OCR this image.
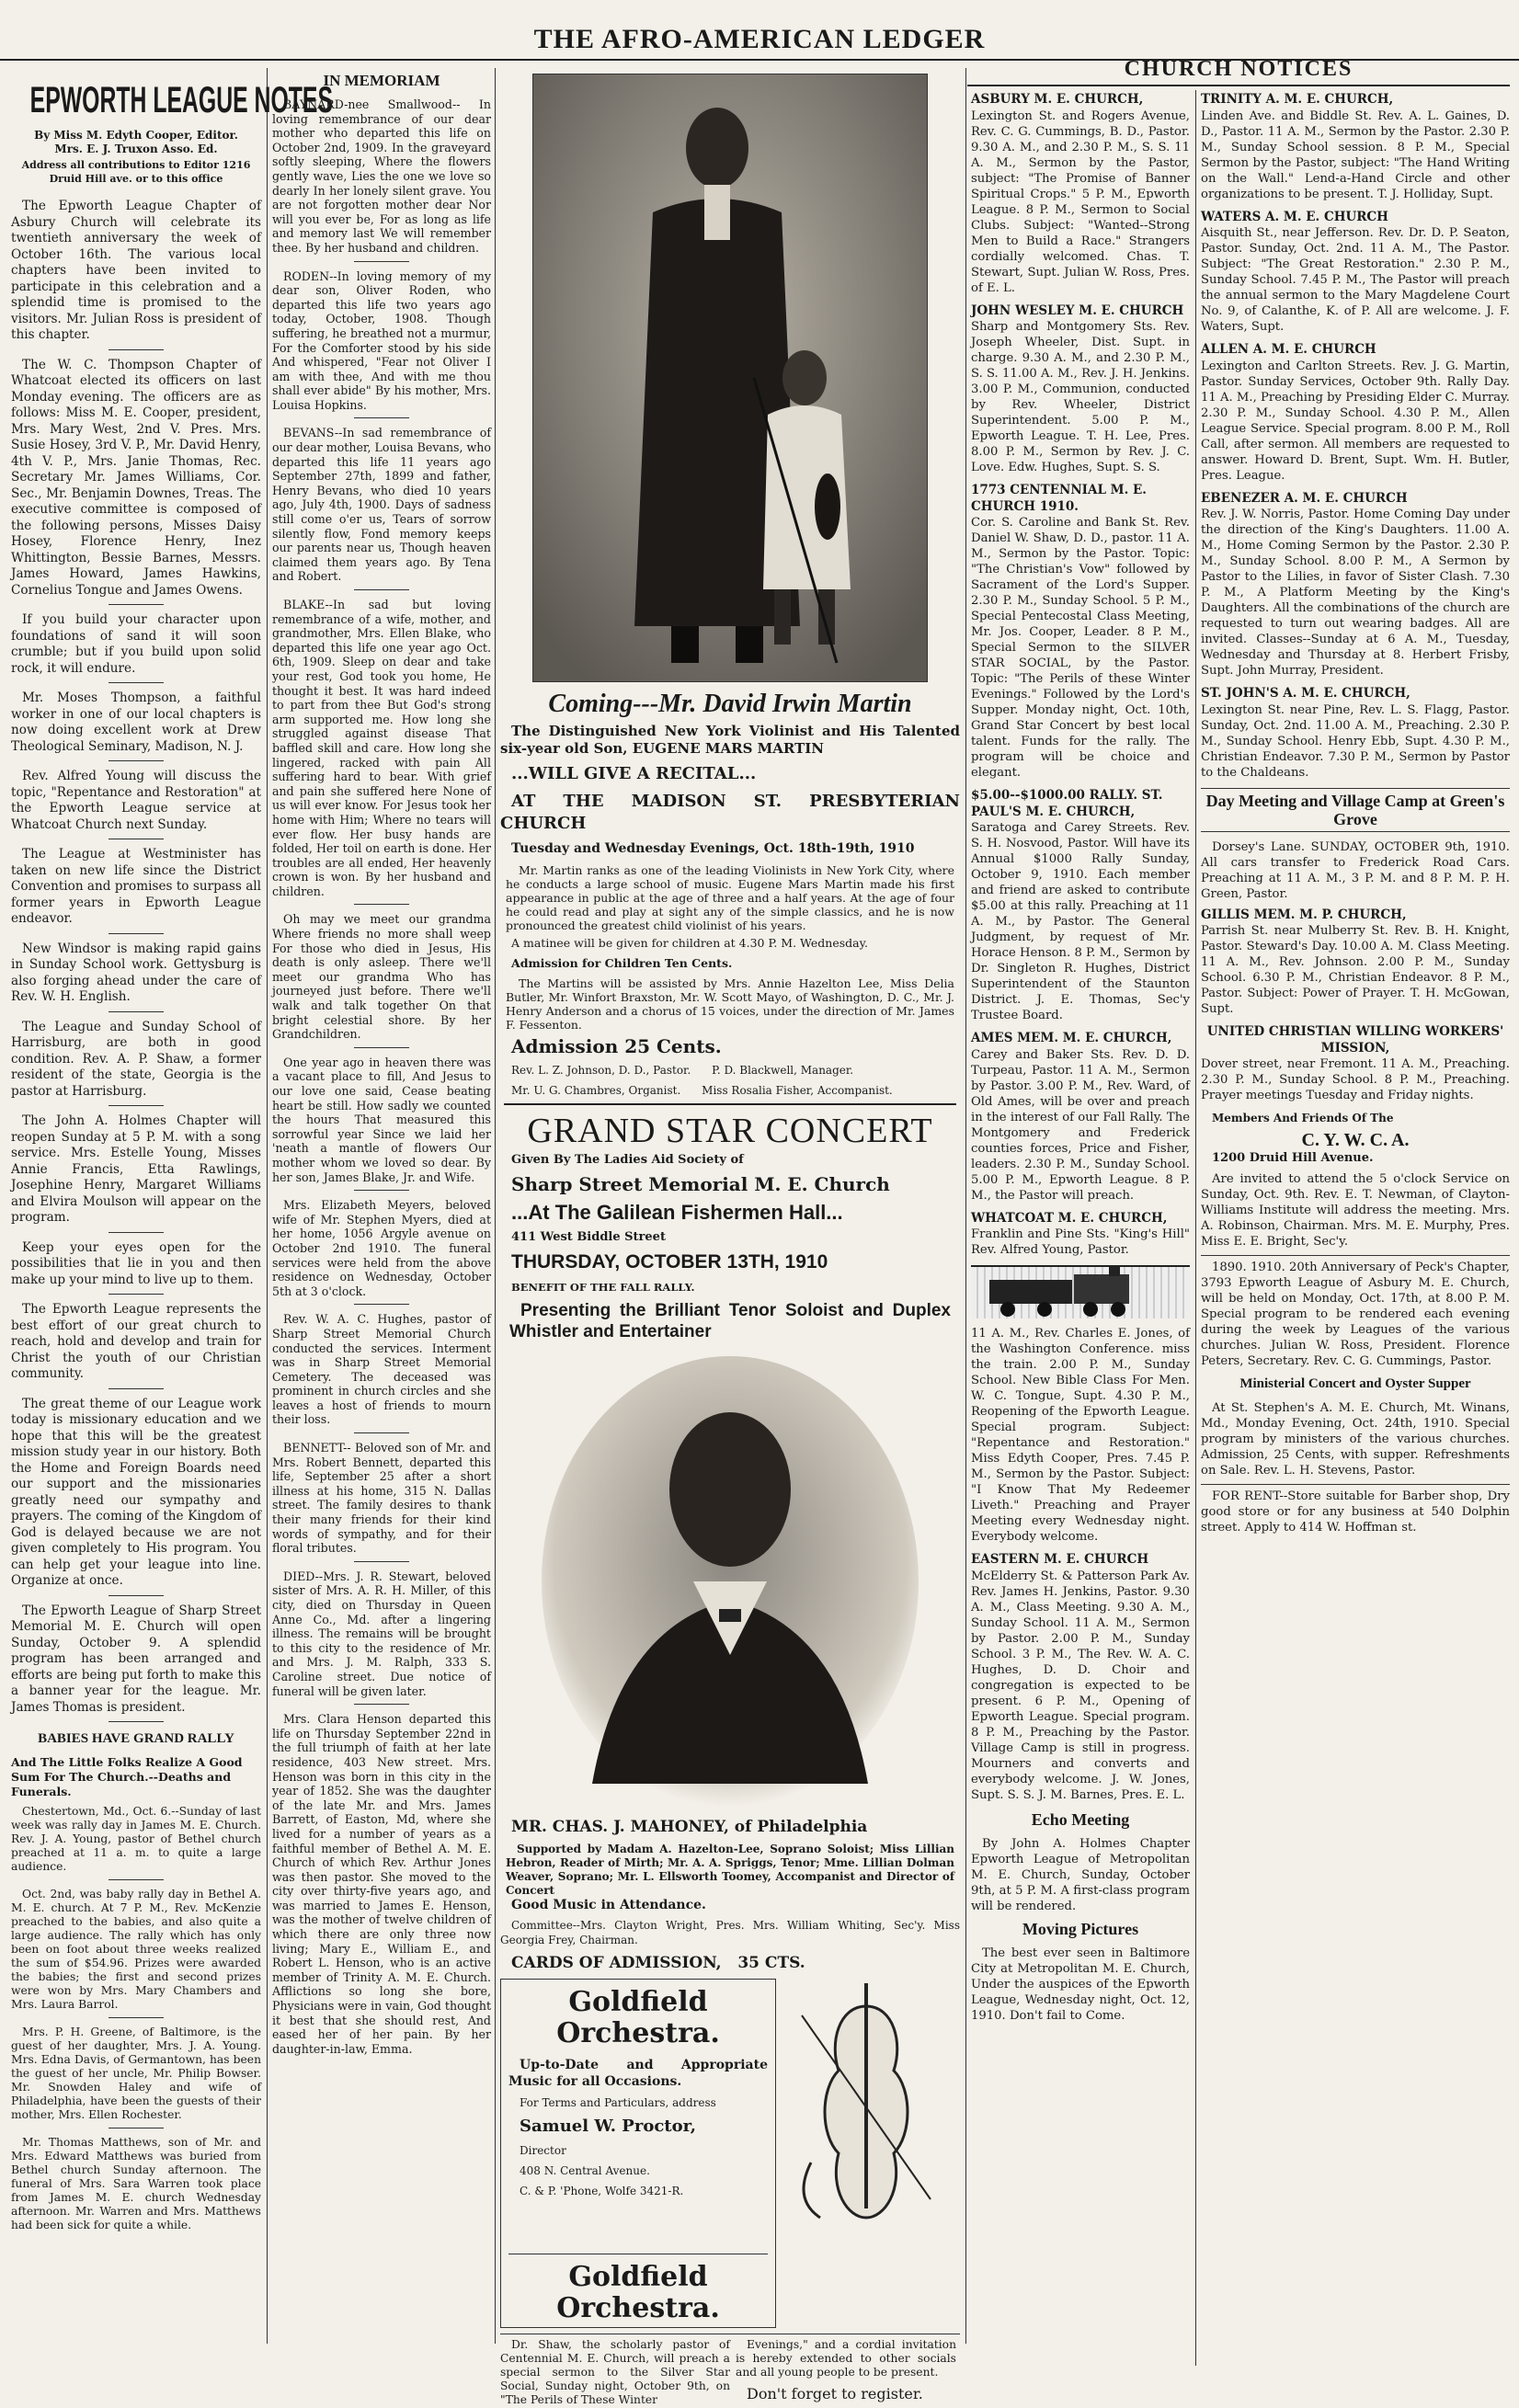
THE AFRO-AMERICAN LEDGER
EPWORTH LEAGUE NOTES
By Miss M. Edyth Cooper, Editor.
Mrs. E. J. Truxon Asso. Ed.
Address all contributions to Editor 1216 Druid Hill ave. or to this office

The Epworth League Chapter of Asbury Church will celebrate its twentieth anniversary the week of October 16th. The various local chapters have been invited to participate in this celebration and a splendid time is promised to the visitors. Mr. Julian Ross is president of this chapter.

The W. C. Thompson Chapter of Whatcoat elected its officers on last Monday evening. The officers are as follows: Miss M. E. Cooper, president, Mrs. Mary West, 2nd V. Pres. Mrs. Susie Hosey, 3rd V. P., Mr. David Henry, 4th V. P., Mrs. Janie Thomas, Rec. Secretary Mr. James Williams, Cor. Sec., Mr. Benjamin Downes, Treas. The executive committee is composed of the following persons, Misses Daisy Hosey, Florence Henry, Inez Whittington, Bessie Barnes, Messrs. James Howard, James Hawkins, Cornelius Tongue and James Owens.

If you build your character upon foundations of sand it will soon crumble; but if you build upon solid rock, it will endure.

Mr. Moses Thompson, a faithful worker in one of our local chapters is now doing excellent work at Drew Theological Seminary, Madison, N. J.

Rev. Alfred Young will discuss the topic, "Repentance and Restoration" at the Epworth League service at Whatcoat Church next Sunday.

The League at Westminister has taken on new life since the District Convention and promises to surpass all former years in Epworth League endeavor.

New Windsor is making rapid gains in Sunday School work. Gettysburg is also forging ahead under the care of Rev. W. H. English.

The League and Sunday School of Harrisburg, are both in good condition. Rev. A. P. Shaw, a former resident of the state, Georgia is the pastor at Harrisburg.

The John A. Holmes Chapter will reopen Sunday at 5 P. M. with a song service. Mrs. Estelle Young, Misses Annie Francis, Etta Rawlings, Josephine Henry, Margaret Williams and Elvira Moulson will appear on the program.

Keep your eyes open for the possibilities that lie in you and then make up your mind to live up to them.

The Epworth League represents the best effort of our great church to reach, hold and develop and train for Christ the youth of our Christian community.

The great theme of our League work today is missionary education and we hope that this will be the greatest mission study year in our history. Both the Home and Foreign Boards need our support and the missionaries greatly need our sympathy and prayers. The coming of the Kingdom of God is delayed because we are not given completely to His program. You can help get your league into line. Organize at once.

The Epworth League of Sharp Street Memorial M. E. Church will open Sunday, October 9. A splendid program has been arranged and efforts are being put forth to make this a banner year for the league. Mr. James Thomas is president.

BABIES HAVE GRAND RALLY
And The Little Folks Realize A Good Sum For The Church.--Deaths and Funerals.

Chestertown, Md., Oct. 6.--Sunday of last week was rally day in James M. E. Church. Rev. J. A. Young, pastor of Bethel church preached at 11 a. m. to quite a large audience.

Oct. 2nd, was baby rally day in Bethel A. M. E. church. At 7 P. M., Rev. McKenzie preached to the babies, and also quite a large audience. The rally which has only been on foot about three weeks realized the sum of $54.96. Prizes were awarded the babies; the first and second prizes were won by Mrs. Mary Chambers and Mrs. Laura Barrol.

Mrs. P. H. Greene, of Baltimore, is the guest of her daughter, Mrs. J. A. Young. Mrs. Edna Davis, of Germantown, has been the guest of her uncle, Mr. Philip Bowser. Mr. Snowden Haley and wife of Philadelphia, have been the guests of their mother, Mrs. Ellen Rochester.

Mr. Thomas Matthews, son of Mr. and Mrs. Edward Matthews was buried from Bethel church Sunday afternoon. The funeral of Mrs. Sara Warren took place from James M. E. church Wednesday afternoon. Mr. Warren and Mrs. Matthews had been sick for quite a while.

IN MEMORIAM

BAYNARD-nee Smallwood-- In loving remembrance of our dear mother who departed this life on October 2nd, 1909. In the graveyard softly sleeping, Where the flowers gently wave, Lies the one we love so dearly In her lonely silent grave. You are not forgotten mother dear Nor will you ever be, For as long as life and memory last We will remember thee. By her husband and children.

RODEN--In loving memory of my dear son, Oliver Roden, who departed this life two years ago today, October, 1908. Though suffering, he breathed not a murmur, For the Comforter stood by his side And whispered, "Fear not Oliver I am with thee, And with me thou shall ever abide" By his mother, Mrs. Louisa Hopkins.

BEVANS--In sad remembrance of our dear mother, Louisa Bevans, who departed this life 11 years ago September 27th, 1899 and father, Henry Bevans, who died 10 years ago, July 4th, 1900. Days of sadness still come o'er us, Tears of sorrow silently flow, Fond memory keeps our parents near us, Though heaven claimed them years ago. By Tena and Robert.

BLAKE--In sad but loving remembrance of a wife, mother, and grandmother, Mrs. Ellen Blake, who departed this life one year ago Oct. 6th, 1909. Sleep on dear and take your rest, God took you home, He thought it best. It was hard indeed to part from thee But God's strong arm supported me. How long she struggled against disease That baffled skill and care. How long she lingered, racked with pain All suffering hard to bear. With grief and pain she suffered here None of us will ever know. For Jesus took her home with Him; Where no tears will ever flow. Her busy hands are folded, Her toil on earth is done. Her troubles are all ended, Her heavenly crown is won. By her husband and children.

Oh may we meet our grandma Where friends no more shall weep For those who died in Jesus, His death is only asleep. There we'll meet our grandma Who has journeyed just before. There we'll walk and talk together On that bright celestial shore. By her Grandchildren.

One year ago in heaven there was a vacant place to fill, And Jesus to our love one said, Cease beating heart be still. How sadly we counted the hours That measured this sorrowful year Since we laid her 'neath a mantle of flowers Our mother whom we loved so dear. By her son, James Blake, Jr. and Wife.

Mrs. Elizabeth Meyers, beloved wife of Mr. Stephen Myers, died at her home, 1056 Argyle avenue on October 2nd 1910. The funeral services were held from the above residence on Wednesday, October 5th at 3 o'clock.

Rev. W. A. C. Hughes, pastor of Sharp Street Memorial Church conducted the services. Interment was in Sharp Street Memorial Cemetery. The deceased was prominent in church circles and she leaves a host of friends to mourn their loss.

BENNETT-- Beloved son of Mr. and Mrs. Robert Bennett, departed this life, September 25 after a short illness at his home, 315 N. Dallas street. The family desires to thank their many friends for their kind words of sympathy, and for their floral tributes.

DIED--Mrs. J. R. Stewart, beloved sister of Mrs. A. R. H. Miller, of this city, died on Thursday in Queen Anne Co., Md. after a lingering illness. The remains will be brought to this city to the residence of Mr. and Mrs. J. M. Ralph, 333 S. Caroline street. Due notice of funeral will be given later.

Mrs. Clara Henson departed this life on Thursday September 22nd in the full triumph of faith at her late residence, 403 New street. Mrs. Henson was born in this city in the year of 1852. She was the daughter of the late Mr. and Mrs. James Barrett, of Easton, Md, where she lived for a number of years as a faithful member of Bethel A. M. E. Church of which Rev. Arthur Jones was then pastor. She moved to the city over thirty-five years ago, and was married to James E. Henson, was the mother of twelve children of which there are only three now living; Mary E., William E., and Robert L. Henson, who is an active member of Trinity A. M. E. Church. Afflictions so long she bore, Physicians were in vain, God thought it best that she should rest, And eased her of her pain. By her daughter-in-law, Emma.

Coming---Mr. David Irwin Martin

The Distinguished New York Violinist and His Talented six-year old Son, EUGENE MARS MARTIN

...WILL GIVE A RECITAL...

AT THE MADISON ST. PRESBYTERIAN CHURCH

Tuesday and Wednesday Evenings, Oct. 18th-19th, 1910

Mr. Martin ranks as one of the leading Violinists in New York City, where he conducts a large school of music. Eugene Mars Martin made his first appearance in public at the age of three and a half years. At the age of four he could read and play at sight any of the simple classics, and he is now pronounced the greatest child violinist of his years.

A matinee will be given for children at 4.30 P. M. Wednesday.

Admission for Children Ten Cents.

The Martins will be assisted by Mrs. Annie Hazelton Lee, Miss Delia Butler, Mr. Winfort Braxston, Mr. W. Scott Mayo, of Washington, D. C., Mr. J. Henry Anderson and a chorus of 15 voices, under the direction of Mr. James F. Fessenton.

Admission 25 Cents.

Rev. L. Z. Johnson, D. D., Pastor.      P. D. Blackwell, Manager.

Mr. U. G. Chambres, Organist.      Miss Rosalia Fisher, Accompanist.

GRAND STAR CONCERT

Given By The Ladies Aid Society of

Sharp Street Memorial M. E. Church

...At The Galilean Fishermen Hall...

411 West Biddle Street

THURSDAY, OCTOBER 13TH, 1910

BENEFIT OF THE FALL RALLY.

Presenting the Brilliant Tenor Soloist and Duplex Whistler and Entertainer

MR. CHAS. J. MAHONEY, of Philadelphia

Supported by Madam A. Hazelton-Lee, Soprano Soloist; Miss Lillian Hebron, Reader of Mirth; Mr. A. A. Spriggs, Tenor; Mme. Lillian Dolman Weaver, Soprano; Mr. L. Ellsworth Toomey, Accompanist and Director of Concert

Good Music in Attendance.

Committee--Mrs. Clayton Wright, Pres. Mrs. William Whiting, Sec'y. Miss Georgia Frey, Chairman.

CARDS OF ADMISSION,   35 CTS.

Goldfield Orchestra.

Up-to-Date and Appropriate Music for all Occasions.

For Terms and Particulars, address

Samuel W. Proctor,

Director

408 N. Central Avenue.

C. & P. 'Phone, Wolfe 3421-R.

Goldfield Orchestra.

Dr. Shaw, the scholarly pastor of Centennial M. E. Church, will preach a special sermon to the Silver Star Social, Sunday night, October 9th, on "The Perils of These Winter

Evenings," and a cordial invitation is hereby extended to other socials and all young people to be present.

Don't forget to register.

CHURCH NOTICES
ASBURY M. E. CHURCH,
Lexington St. and Rogers Avenue, Rev. C. G. Cummings, B. D., Pastor. 9.30 A. M., and 2.30 P. M., S. S. 11 A. M., Sermon by the Pastor, subject: "The Promise of Banner Spiritual Crops." 5 P. M., Epworth League. 8 P. M., Sermon to Social Clubs. Subject: "Wanted--Strong Men to Build a Race." Strangers cordially welcomed. Chas. T. Stewart, Supt. Julian W. Ross, Pres. of E. L.
JOHN WESLEY M. E. CHURCH
Sharp and Montgomery Sts. Rev. Joseph Wheeler, Dist. Supt. in charge. 9.30 A. M., and 2.30 P. M., S. S. 11.00 A. M., Rev. J. H. Jenkins. 3.00 P. M., Communion, conducted by Rev. Wheeler, District Superintendent. 5.00 P. M., Epworth League. T. H. Lee, Pres. 8.00 P. M., Sermon by Rev. J. C. Love. Edw. Hughes, Supt. S. S.
1773 CENTENNIAL M. E. CHURCH 1910.
Cor. S. Caroline and Bank St. Rev. Daniel W. Shaw, D. D., pastor. 11 A. M., Sermon by the Pastor. Topic: "The Christian's Vow" followed by Sacrament of the Lord's Supper. 2.30 P. M., Sunday School. 5 P. M., Special Pentecostal Class Meeting, Mr. Jos. Cooper, Leader. 8 P. M., Special Sermon to the SILVER STAR SOCIAL, by the Pastor. Topic: "The Perils of these Winter Evenings." Followed by the Lord's Supper. Monday night, Oct. 10th, Grand Star Concert by best local talent. Funds for the rally. The program will be choice and elegant.
$5.00--$1000.00 RALLY. ST. PAUL'S M. E. CHURCH,
Saratoga and Carey Streets. Rev. S. H. Nosvood, Pastor. Will have its Annual $1000 Rally Sunday, October 9, 1910. Each member and friend are asked to contribute $5.00 at this rally. Preaching at 11 A. M., by Pastor. The General Judgment, by request of Mr. Horace Henson. 8 P. M., Sermon by Dr. Singleton R. Hughes, District Superintendent of the Staunton District. J. E. Thomas, Sec'y Trustee Board.
AMES MEM. M. E. CHURCH,
Carey and Baker Sts. Rev. D. D. Turpeau, Pastor. 11 A. M., Sermon by Pastor. 3.00 P. M., Rev. Ward, of Old Ames, will be over and preach in the interest of our Fall Rally. The Montgomery and Frederick counties forces, Price and Fisher, leaders. 2.30 P. M., Sunday School. 5.00 P. M., Epworth League. 8 P. M., the Pastor will preach.
WHATCOAT M. E. CHURCH,
Franklin and Pine Sts. "King's Hill" Rev. Alfred Young, Pastor.
11 A. M., Rev. Charles E. Jones, of the Washington Conference. miss the train. 2.00 P. M., Sunday School. New Bible Class For Men. W. C. Tongue, Supt. 4.30 P. M., Reopening of the Epworth League. Special program. Subject: "Repentance and Restoration." Miss Edyth Cooper, Pres. 7.45 P. M., Sermon by the Pastor. Subject: "I Know That My Redeemer Liveth." Preaching and Prayer Meeting every Wednesday night. Everybody welcome.
EASTERN M. E. CHURCH
McElderry St. & Patterson Park Av. Rev. James H. Jenkins, Pastor. 9.30 A. M., Class Meeting. 9.30 A. M., Sunday School. 11 A. M., Sermon by Pastor. 2.00 P. M., Sunday School. 3 P. M., The Rev. W. A. C. Hughes, D. D. Choir and congregation is expected to be present. 6 P. M., Opening of Epworth League. Special program. 8 P. M., Preaching by the Pastor. Village Camp is still in progress. Mourners and converts and everybody welcome. J. W. Jones, Supt. S. S. J. M. Barnes, Pres. E. L.
Echo Meeting

By John A. Holmes Chapter Epworth League of Metropolitan M. E. Church, Sunday, October 9th, at 5 P. M. A first-class program will be rendered.

Moving Pictures

The best ever seen in Baltimore City at Metropolitan M. E. Church, Under the auspices of the Epworth League, Wednesday night, Oct. 12, 1910. Don't fail to Come.

TRINITY A. M. E. CHURCH,
Linden Ave. and Biddle St. Rev. A. L. Gaines, D. D., Pastor. 11 A. M., Sermon by the Pastor. 2.30 P. M., Sunday School session. 8 P. M., Special Sermon by the Pastor, subject: "The Hand Writing on the Wall." Lend-a-Hand Circle and other organizations to be present. T. J. Holliday, Supt.
WATERS A. M. E. CHURCH
Aisquith St., near Jefferson. Rev. Dr. D. P. Seaton, Pastor. Sunday, Oct. 2nd. 11 A. M., The Pastor. Subject: "The Great Restoration." 2.30 P. M., Sunday School. 7.45 P. M., The Pastor will preach the annual sermon to the Mary Magdelene Court No. 9, of Calanthe, K. of P. All are welcome. J. F. Waters, Supt.
ALLEN A. M. E. CHURCH
Lexington and Carlton Streets. Rev. J. G. Martin, Pastor. Sunday Services, October 9th. Rally Day. 11 A. M., Preaching by Presiding Elder C. Murray. 2.30 P. M., Sunday School. 4.30 P. M., Allen League Service. Special program. 8.00 P. M., Roll Call, after sermon. All members are requested to answer. Howard D. Brent, Supt. Wm. H. Butler, Pres. League.
EBENEZER A. M. E. CHURCH
Rev. J. W. Norris, Pastor. Home Coming Day under the direction of the King's Daughters. 11.00 A. M., Home Coming Sermon by the Pastor. 2.30 P. M., Sunday School. 8.00 P. M., A Sermon by Pastor to the Lilies, in favor of Sister Clash. 7.30 P. M., A Platform Meeting by the King's Daughters. All the combinations of the church are requested to turn out wearing badges. All are invited. Classes--Sunday at 6 A. M., Tuesday, Wednesday and Thursday at 8. Herbert Frisby, Supt. John Murray, President.
ST. JOHN'S A. M. E. CHURCH,
Lexington St. near Pine, Rev. L. S. Flagg, Pastor. Sunday, Oct. 2nd. 11.00 A. M., Preaching. 2.30 P. M., Sunday School. Henry Ebb, Supt. 4.30 P. M., Christian Endeavor. 7.30 P. M., Sermon by Pastor to the Chaldeans.
Day Meeting and Village Camp at Green's Grove

Dorsey's Lane. SUNDAY, OCTOBER 9th, 1910. All cars transfer to Frederick Road Cars. Preaching at 11 A. M., 3 P. M. and 8 P. M. P. H. Green, Pastor.

GILLIS MEM. M. P. CHURCH,
Parrish St. near Mulberry St. Rev. B. H. Knight, Pastor. Steward's Day. 10.00 A. M. Class Meeting. 11 A. M., Rev. Johnson. 2.00 P. M., Sunday School. 6.30 P. M., Christian Endeavor. 8 P. M., Pastor. Subject: Power of Prayer. T. H. McGowan, Supt.
UNITED CHRISTIAN WILLING WORKERS' MISSION,
Dover street, near Fremont. 11 A. M., Preaching. 2.30 P. M., Sunday School. 8 P. M., Preaching. Prayer meetings Tuesday and Friday nights.

Members And Friends Of The

C. Y. W. C. A.

1200 Druid Hill Avenue.

Are invited to attend the 5 o'clock Service on Sunday, Oct. 9th. Rev. E. T. Newman, of Clayton-Williams Institute will address the meeting. Mrs. A. Robinson, Chairman. Mrs. M. E. Murphy, Pres. Miss E. E. Bright, Sec'y.

1890. 1910. 20th Anniversary of Peck's Chapter, 3793 Epworth League of Asbury M. E. Church, will be held on Monday, Oct. 17th, at 8.00 P. M. Special program to be rendered each evening during the week by Leagues of the various churches. Julian W. Ross, President. Florence Peters, Secretary. Rev. C. G. Cummings, Pastor.

Ministerial Concert and Oyster Supper

At St. Stephen's A. M. E. Church, Mt. Winans, Md., Monday Evening, Oct. 24th, 1910. Special program by ministers of the various churches. Admission, 25 Cents, with supper. Refreshments on Sale. Rev. L. H. Stevens, Pastor.

FOR RENT--Store suitable for Barber shop, Dry good store or for any business at 540 Dolphin street. Apply to 414 W. Hoffman st.
